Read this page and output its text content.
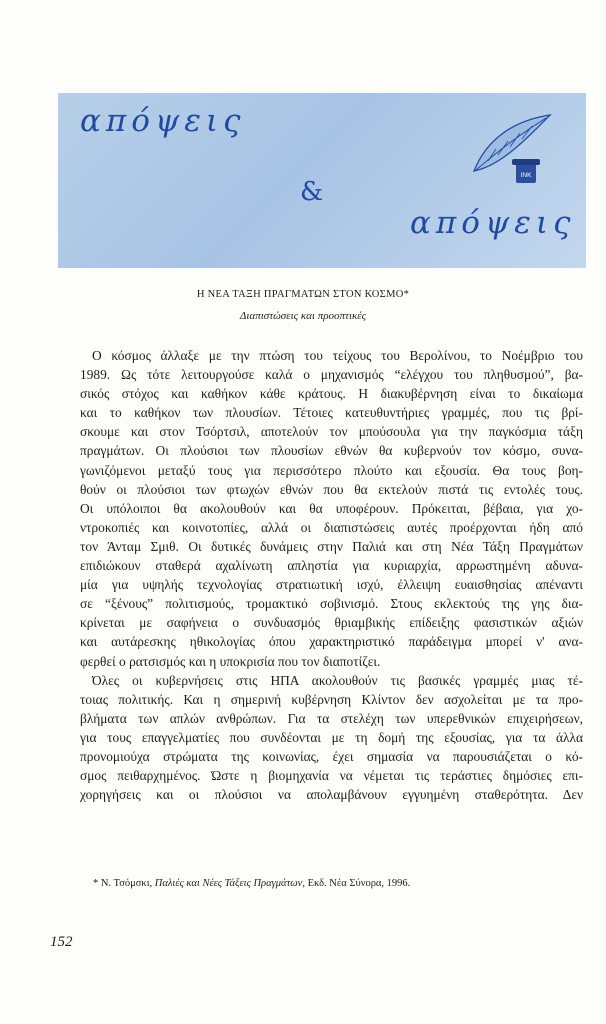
απόψεις
&
απόψεις
INK
Η ΝΕΑ ΤΑΞΗ ΠΡΑΓΜΑΤΩΝ ΣΤΟΝ ΚΟΣΜΟ*
Διαπιστώσεις και προοπτικές
Ο κόσμος άλλαξε με την πτώση του τείχους του Βερολίνου, το Νοέμβριο του
1989. Ως τότε λειτουργούσε καλά ο μηχανισμός “ελέγχου του πληθυσμού”, βα-
σικός στόχος και καθήκον κάθε κράτους. Η διακυβέρνηση είναι το δικαίωμα
και το καθήκον των πλουσίων. Τέτοιες κατευθυντήριες γραμμές, που τις βρί-
σκουμε και στον Τσόρτσιλ, αποτελούν τον μπούσουλα για την παγκόσμια τάξη
πραγμάτων. Οι πλούσιοι των πλουσίων εθνών θα κυβερνούν τον κόσμο, συνα-
γωνιζόμενοι μεταξύ τους για περισσότερο πλούτο και εξουσία. Θα τους βοη-
θούν οι πλούσιοι των φτωχών εθνών που θα εκτελούν πιστά τις εντολές τους.
Οι υπόλοιποι θα ακολουθούν και θα υποφέρουν. Πρόκειται, βέβαια, για χο-
ντροκοπιές και κοινοτοπίες, αλλά οι διαπιστώσεις αυτές προέρχονται ήδη από
τον Άνταμ Σμιθ. Οι δυτικές δυνάμεις στην Παλιά και στη Νέα Τάξη Πραγμάτων
επιδιώκουν σταθερά αχαλίνωτη απληστία για κυριαρχία, αρρωστημένη αδυνα-
μία για υψηλής τεχνολογίας στρατιωτική ισχύ, έλλειψη ευαισθησίας απέναντι
σε “ξένους” πολιτισμούς, τρομακτικό σοβινισμό. Στους εκλεκτούς της γης δια-
κρίνεται με σαφήνεια ο συνδυασμός θριαμβικής επίδειξης φασιστικών αξιών
και αυτάρεσκης ηθικολογίας όπου χαρακτηριστικό παράδειγμα μπορεί ν' ανα-
φερθεί ο ρατσισμός και η υποκρισία που τον διαποτίζει.
Όλες οι κυβερνήσεις στις ΗΠΑ ακολουθούν τις βασικές γραμμές μιας τέ-
τοιας πολιτικής. Και η σημερινή κυβέρνηση Κλίντον δεν ασχολείται με τα προ-
βλήματα των απλών ανθρώπων. Για τα στελέχη των υπερεθνικών επιχειρήσεων,
για τους επαγγελματίες που συνδέονται με τη δομή της εξουσίας, για τα άλλα
προνομιούχα στρώματα της κοινωνίας, έχει σημασία να παρουσιάζεται ο κό-
σμος πειθαρχημένος. Ώστε η βιομηχανία να νέμεται τις τεράστιες δημόσιες επι-
χορηγήσεις και οι πλούσιοι να απολαμβάνουν εγγυημένη σταθερότητα. Δεν
* Ν. Τσόμσκι, Παλιές και Νέες Τάξεις Πραγμάτων, Εκδ. Νέα Σύνορα, 1996.
152
